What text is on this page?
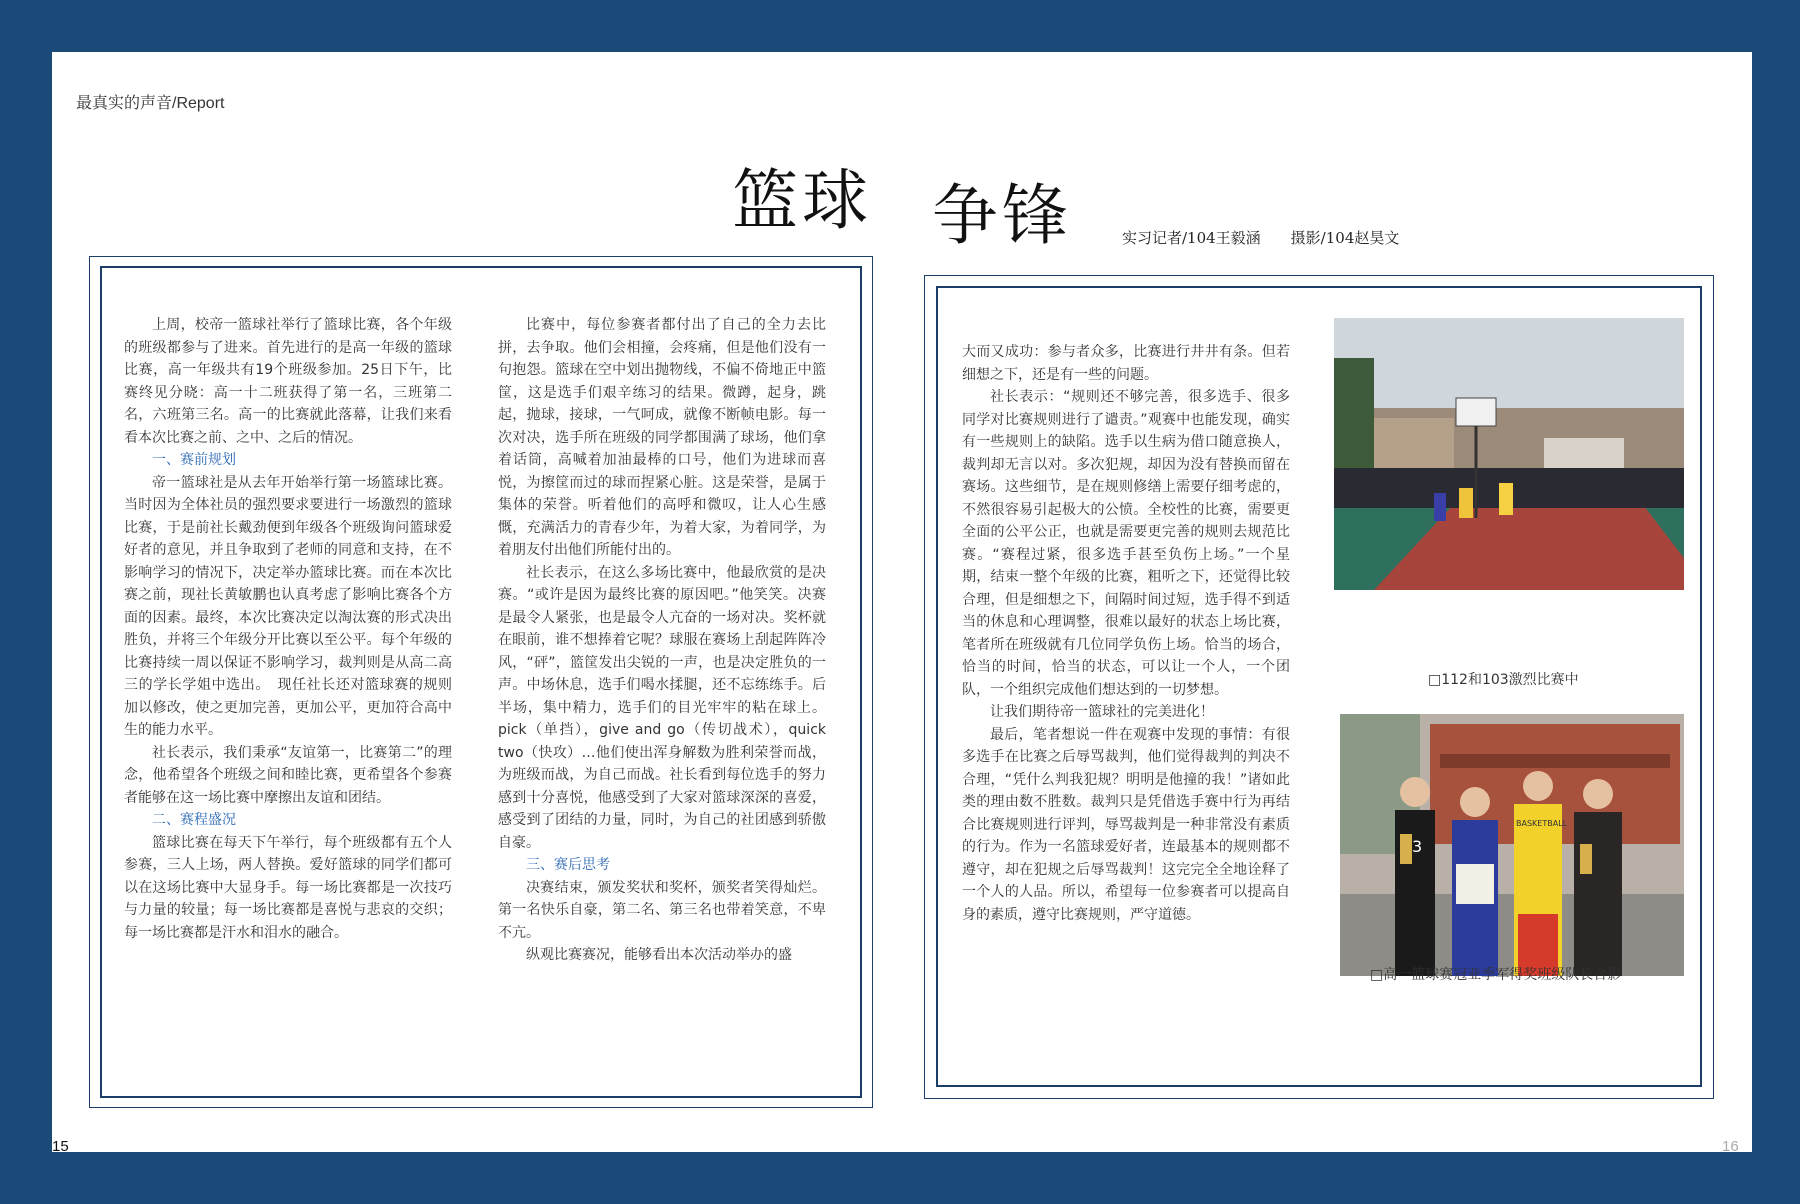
最真实的声音/Report
篮球 争锋	实习记者/104王毅涵　　摄影/104赵昊文

上周，校帝一篮球社举行了篮球比赛，各个年级的班级都参与了进来。首先进行的是高一年级的篮球比赛，高一年级共有19个班级参加。25日下午，比赛终见分晓：高一十二班获得了第一名，三班第二名，六班第三名。高一的比赛就此落幕，让我们来看看本次比赛之前、之中、之后的情况。

一、赛前规划

帝一篮球社是从去年开始举行第一场篮球比赛。当时因为全体社员的强烈要求要进行一场激烈的篮球比赛，于是前社长戴劲便到年级各个班级询问篮球爱好者的意见，并且争取到了老师的同意和支持，在不影响学习的情况下，决定举办篮球比赛。而在本次比赛之前，现社长黄敏鹏也认真考虑了影响比赛各个方面的因素。最终，本次比赛决定以淘汰赛的形式决出胜负，并将三个年级分开比赛以至公平。每个年级的比赛持续一周以保证不影响学习，裁判则是从高二高三的学长学姐中选出。　现任社长还对篮球赛的规则加以修改，使之更加完善，更加公平，更加符合高中生的能力水平。

社长表示，我们秉承“友谊第一，比赛第二”的理念，他希望各个班级之间和睦比赛，更希望各个参赛者能够在这一场比赛中摩擦出友谊和团结。

二、赛程盛况

篮球比赛在每天下午举行，每个班级都有五个人参赛，三人上场，两人替换。爱好篮球的同学们都可以在这场比赛中大显身手。每一场比赛都是一次技巧与力量的较量；每一场比赛都是喜悦与悲哀的交织；每一场比赛都是汗水和泪水的融合。

比赛中，每位参赛者都付出了自己的全力去比拼，去争取。他们会相撞，会疼痛，但是他们没有一句抱怨。篮球在空中划出抛物线，不偏不倚地正中篮筐，这是选手们艰辛练习的结果。微蹲，起身，跳起，抛球，接球，一气呵成，就像不断帧电影。每一次对决，选手所在班级的同学都围满了球场，他们拿着话筒，高喊着加油最棒的口号，他们为进球而喜悦，为擦筐而过的球而捏紧心脏。这是荣誉，是属于集体的荣誉。听着他们的高呼和微叹，让人心生感慨，充满活力的青春少年，为着大家，为着同学，为着朋友付出他们所能付出的。

社长表示，在这么多场比赛中，他最欣赏的是决赛。“或许是因为最终比赛的原因吧。”他笑笑。决赛是最令人紧张，也是最令人亢奋的一场对决。奖杯就在眼前，谁不想捧着它呢？球服在赛场上刮起阵阵冷风，“砰”，篮筐发出尖锐的一声，也是决定胜负的一声。中场休息，选手们喝水揉腿，还不忘练练手。后半场，集中精力，选手们的目光牢牢的粘在球上。pick（单挡），give and go（传切战术），quick two（快攻）…他们使出浑身解数为胜利荣誉而战，为班级而战，为自己而战。社长看到每位选手的努力感到十分喜悦，他感受到了大家对篮球深深的喜爱，感受到了团结的力量，同时，为自己的社团感到骄傲自豪。

三、赛后思考

决赛结束，颁发奖状和奖杯，颁奖者笑得灿烂。第一名快乐自豪，第二名、第三名也带着笑意，不卑不亢。

纵观比赛赛况，能够看出本次活动举办的盛

大而又成功：参与者众多，比赛进行井井有条。但若细想之下，还是有一些的问题。

社长表示：“规则还不够完善，很多选手、很多同学对比赛规则进行了谴责。”观赛中也能发现，确实有一些规则上的缺陷。选手以生病为借口随意换人，裁判却无言以对。多次犯规，却因为没有替换而留在赛场。这些细节，是在规则修缮上需要仔细考虑的，不然很容易引起极大的公愤。全校性的比赛，需要更全面的公平公正，也就是需要更完善的规则去规范比赛。“赛程过紧，很多选手甚至负伤上场。”一个星期，结束一整个年级的比赛，粗听之下，还觉得比较合理，但是细想之下，间隔时间过短，选手得不到适当的休息和心理调整，很难以最好的状态上场比赛，笔者所在班级就有几位同学负伤上场。恰当的场合，恰当的时间，恰当的状态，可以让一个人，一个团队，一个组织完成他们想达到的一切梦想。

让我们期待帝一篮球社的完美进化！

最后，笔者想说一件在观赛中发现的事情：有很多选手在比赛之后辱骂裁判，他们觉得裁判的判决不合理，“凭什么判我犯规？明明是他撞的我！”诸如此类的理由数不胜数。裁判只是凭借选手赛中行为再结合比赛规则进行评判，辱骂裁判是一种非常没有素质的行为。作为一名篮球爱好者，连最基本的规则都不遵守，却在犯规之后辱骂裁判！这完完全全地诠释了一个人的人品。所以，希望每一位参赛者可以提高自身的素质，遵守比赛规则，严守道德。

□112和103激烈比赛中
3
BASKETBALL
□高一篮球赛冠亚季军得奖班级队长合影
15	16
